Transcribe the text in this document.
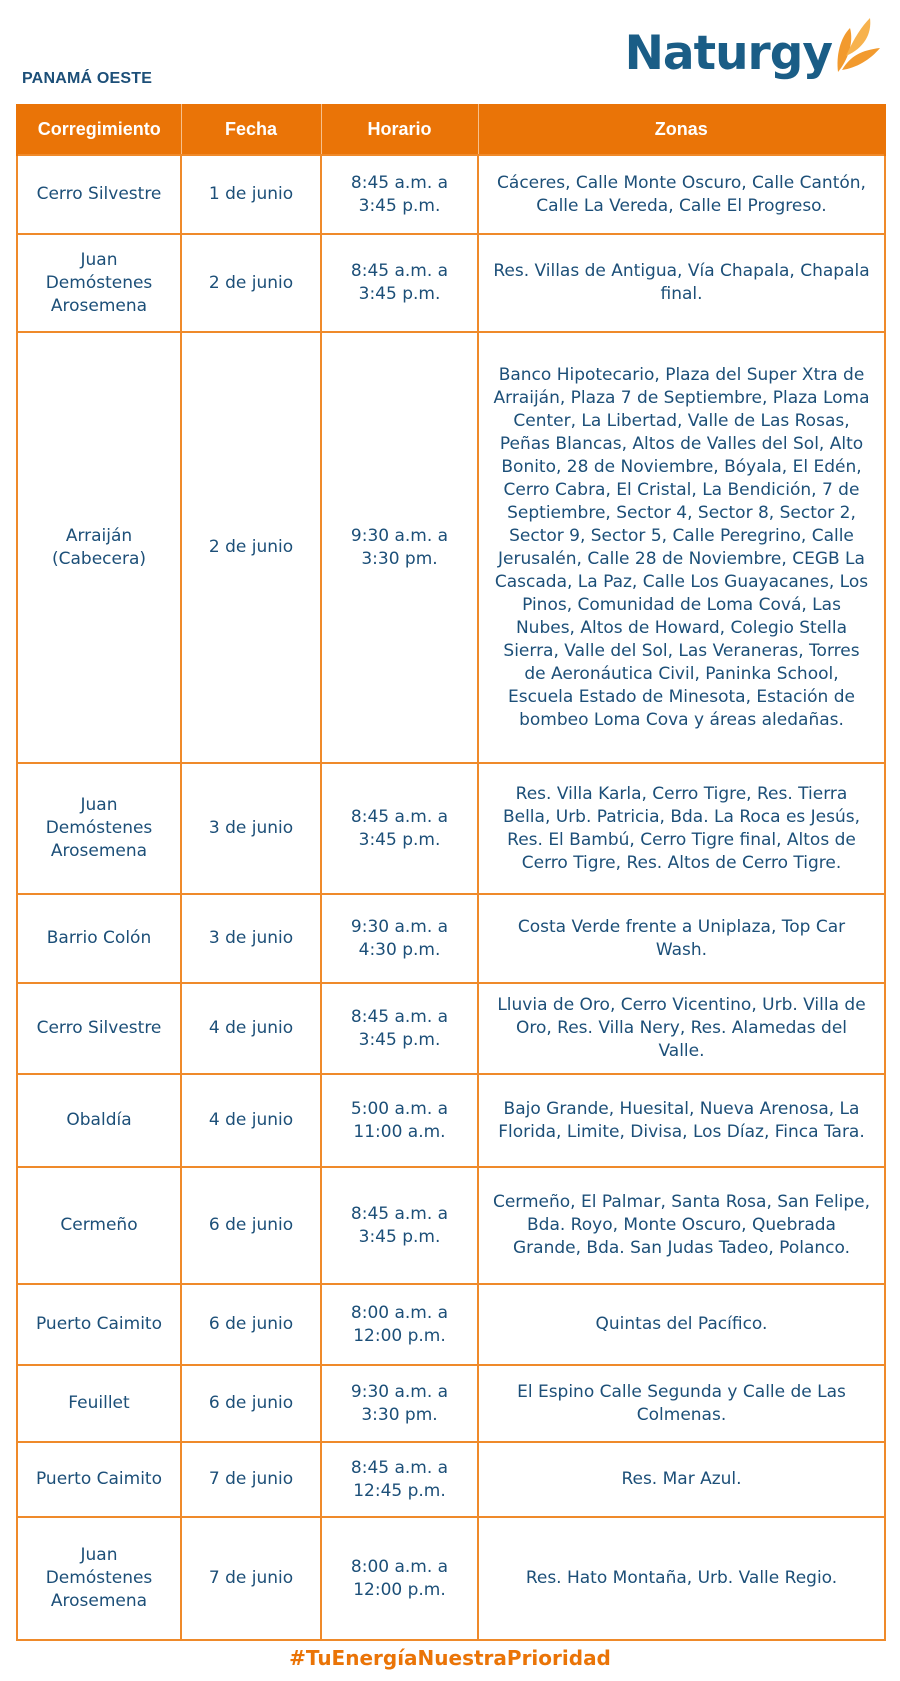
PANAMÁ OESTE	Naturgy
Corregimiento	Fecha	Horario	Zonas
Cerro Silvestre	1 de junio	8:45 a.m. a 3:45 p.m.	Cáceres, Calle Monte Oscuro, Calle Cantón, Calle La Vereda, Calle El Progreso.
Juan Demóstenes Arosemena	2 de junio	8:45 a.m. a 3:45 p.m.	Res. Villas de Antigua, Vía Chapala, Chapala final.
Arraiján (Cabecera)	2 de junio	9:30 a.m. a 3:30 pm.	Banco Hipotecario, Plaza del Super Xtra de Arraiján, Plaza 7 de Septiembre, Plaza Loma Center, La Libertad, Valle de Las Rosas, Peñas Blancas, Altos de Valles del Sol, Alto Bonito, 28 de Noviembre, Bóyala, El Edén, Cerro Cabra, El Cristal, La Bendición, 7 de Septiembre, Sector 4, Sector 8, Sector 2, Sector 9, Sector 5, Calle Peregrino, Calle Jerusalén, Calle 28 de Noviembre, CEGB La Cascada, La Paz, Calle Los Guayacanes, Los Pinos, Comunidad de Loma Cová, Las Nubes, Altos de Howard, Colegio Stella Sierra, Valle del Sol, Las Veraneras, Torres de Aeronáutica Civil, Paninka School, Escuela Estado de Minesota, Estación de bombeo Loma Cova y áreas aledañas.
Juan Demóstenes Arosemena	3 de junio	8:45 a.m. a 3:45 p.m.	Res. Villa Karla, Cerro Tigre, Res. Tierra Bella, Urb. Patricia, Bda. La Roca es Jesús, Res. El Bambú, Cerro Tigre final, Altos de Cerro Tigre, Res. Altos de Cerro Tigre.
Barrio Colón	3 de junio	9:30 a.m. a 4:30 p.m.	Costa Verde frente a Uniplaza, Top Car Wash.
Cerro Silvestre	4 de junio	8:45 a.m. a 3:45 p.m.	Lluvia de Oro, Cerro Vicentino, Urb. Villa de Oro, Res. Villa Nery, Res. Alamedas del Valle.
Obaldía	4 de junio	5:00 a.m. a 11:00 a.m.	Bajo Grande, Huesital, Nueva Arenosa, La Florida, Limite, Divisa, Los Díaz, Finca Tara.
Cermeño	6 de junio	8:45 a.m. a 3:45 p.m.	Cermeño, El Palmar, Santa Rosa, San Felipe, Bda. Royo, Monte Oscuro, Quebrada Grande, Bda. San Judas Tadeo, Polanco.
Puerto Caimito	6 de junio	8:00 a.m. a 12:00 p.m.	Quintas del Pacífico.
Feuillet	6 de junio	9:30 a.m. a 3:30 pm.	El Espino Calle Segunda y Calle de Las Colmenas.
Puerto Caimito	7 de junio	8:45 a.m. a 12:45 p.m.	Res. Mar Azul.
Juan Demóstenes Arosemena	7 de junio	8:00 a.m. a 12:00 p.m.	Res. Hato Montaña, Urb. Valle Regio.
#TuEnergíaNuestraPrioridad
